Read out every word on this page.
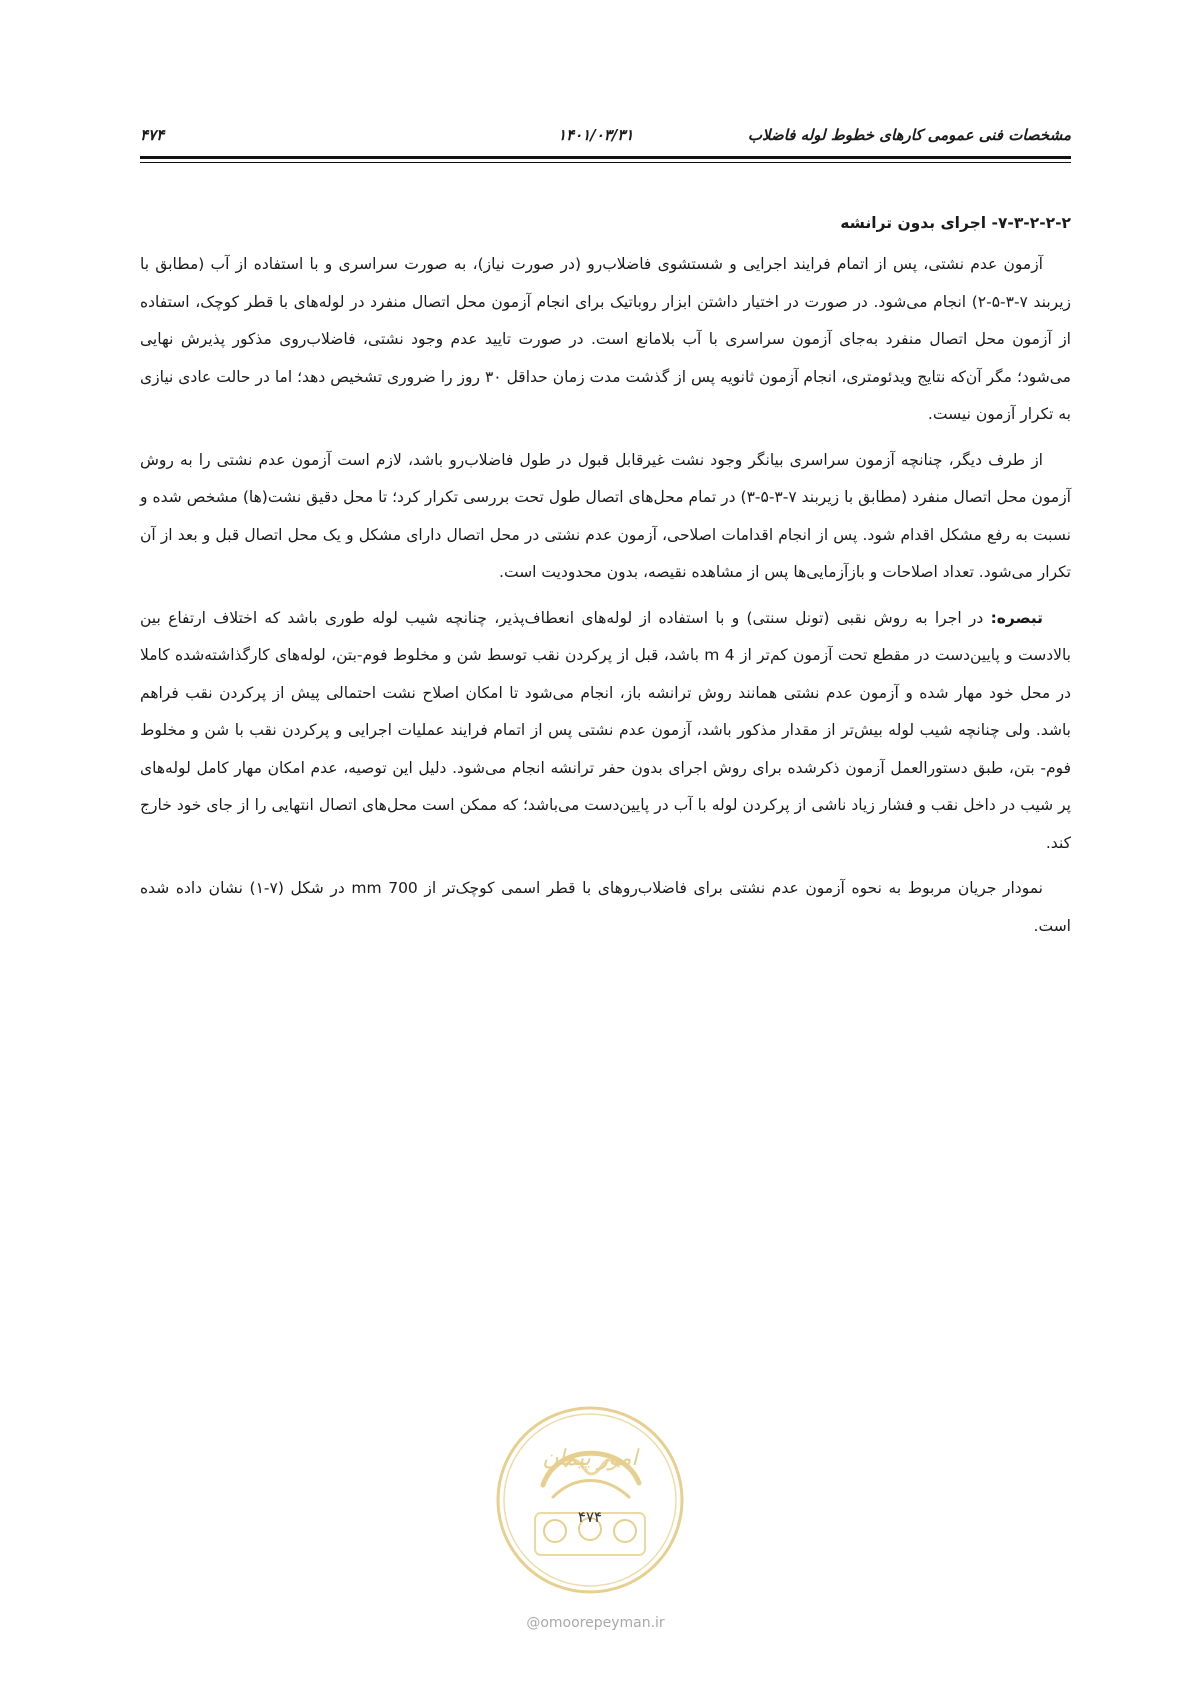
مشخصات فنی عمومی کارهای خطوط لوله فاضلاب
۱۴۰۱/۰۳/۳۱
۴۷۴
۷-۳-۲-۲-۲- اجرای بدون ترانشه

آزمون عدم نشتی، پس از اتمام فرایند اجرایی و شستشوی فاضلاب‌رو (در صورت نیاز)، به صورت سراسری و با استفاده از آب (مطابق با زیربند ۷-۳-۵-۲) انجام می‌شود. در صورت در اختیار داشتن ابزار روباتیک برای انجام آزمون محل اتصال منفرد در لوله‌های با قطر کوچک، استفاده از آزمون محل اتصال منفرد به‌جای آزمون سراسری با آب بلامانع است. در صورت تایید عدم وجود نشتی، فاضلاب‌روی مذکور پذیرش نهایی می‌شود؛ مگر آن‌که نتایج ویدئومتری، انجام آزمون ثانویه پس از گذشت مدت زمان حداقل ۳۰ روز را ضروری تشخیص دهد؛ اما در حالت عادی نیازی به تکرار آزمون نیست.

از طرف دیگر، چنانچه آزمون سراسری بیانگر وجود نشت غیرقابل قبول در طول فاضلاب‌رو باشد، لازم است آزمون عدم نشتی را به روش آزمون محل اتصال منفرد (مطابق با زیربند ۷-۳-۵-۳) در تمام محل‌های اتصال طول تحت بررسی تکرار کرد؛ تا محل دقیق نشت(ها) مشخص شده و نسبت به رفع مشکل اقدام شود. پس از انجام اقدامات اصلاحی، آزمون عدم نشتی در محل اتصال دارای مشکل و یک محل اتصال قبل و بعد از آن تکرار می‌شود. تعداد اصلاحات و بازآزمایی‌ها پس از مشاهده نقیصه، بدون محدودیت است.

تبصره: در اجرا به روش نقبی (تونل سنتی) و با استفاده از لوله‌های انعطاف‌پذیر، چنانچه شیب لوله طوری باشد که اختلاف ارتفاع بین بالادست و پایین‌دست در مقطع تحت آزمون کم‌تر از 4 m باشد، قبل از پرکردن نقب توسط شن و مخلوط فوم-بتن، لوله‌های کارگذاشته‌شده کاملا در محل خود مهار شده و آزمون عدم نشتی همانند روش ترانشه باز، انجام می‌شود تا امکان اصلاح نشت احتمالی پیش از پرکردن نقب فراهم باشد. ولی چنانچه شیب لوله بیش‌تر از مقدار مذکور باشد، آزمون عدم نشتی پس از اتمام فرایند عملیات اجرایی و پرکردن نقب با شن و مخلوط فوم- بتن، طبق دستورالعمل آزمون ذکرشده برای روش اجرای بدون حفر ترانشه انجام می‌شود. دلیل این توصیه، عدم امکان مهار کامل لوله‌های پر شیب در داخل نقب و فشار زیاد ناشی از پرکردن لوله با آب در پایین‌دست می‌باشد؛ که ممکن است محل‌های اتصال انتهایی را از جای خود خارج کند.

نمودار جریان مربوط به نحوه آزمون عدم نشتی برای فاضلاب‌روهای با قطر اسمی کوچک‌تر از 700 mm در شکل (۷-۱) نشان داده شده است.

امور پیمان
۴۷۴
@omoorepeyman.ir
